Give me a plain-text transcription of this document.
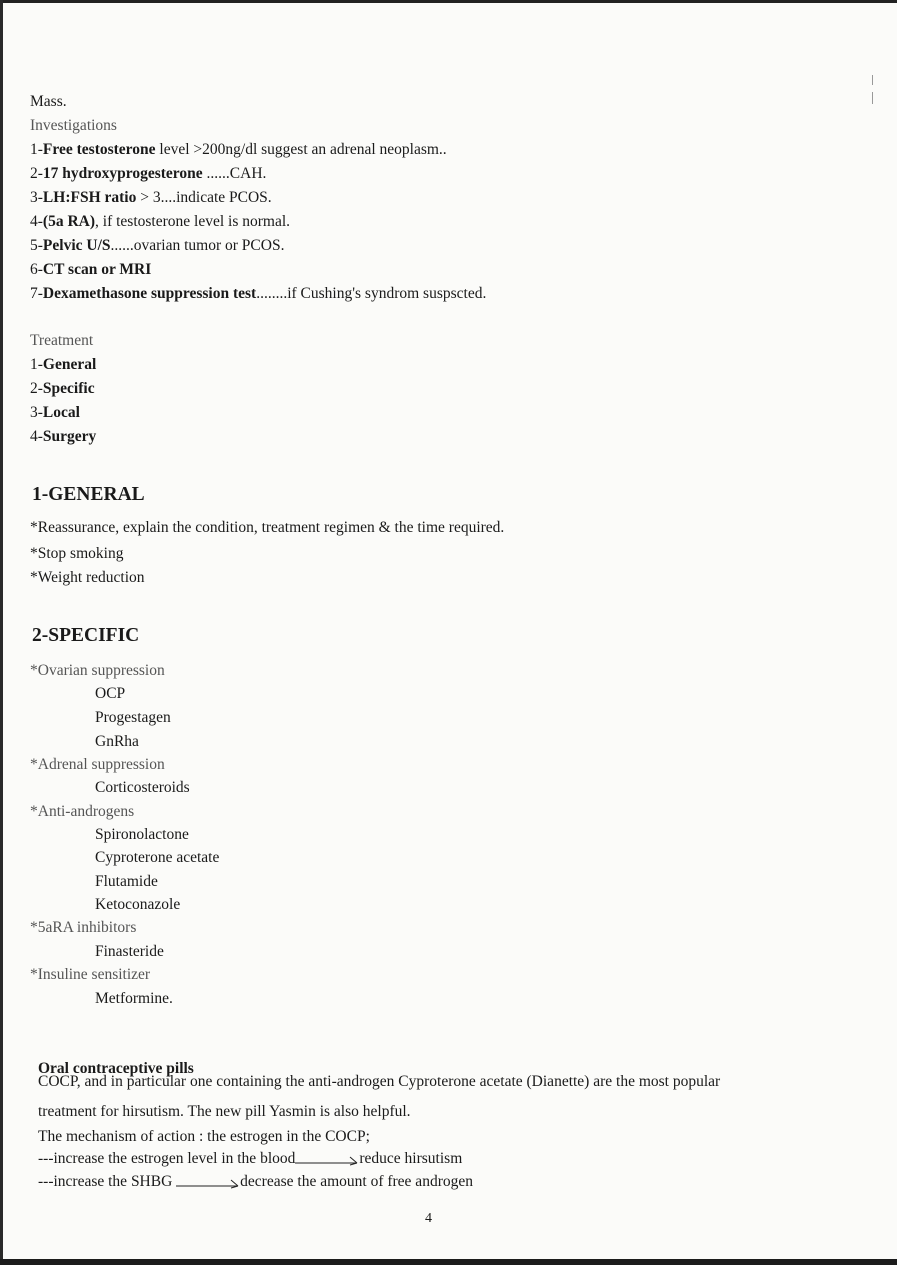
Mass.
Investigations
1-Free testosterone level >200ng/dl suggest an adrenal neoplasm..
2-17 hydroxyprogesterone ......CAH.
3-LH:FSH ratio > 3....indicate PCOS.
4-(5a RA), if testosterone level is normal.
5-Pelvic U/S......ovarian tumor or PCOS.
6-CT scan or MRI
7-Dexamethasone suppression test........if Cushing's syndrom suspscted.
Treatment
1-General
2-Specific
3-Local
4-Surgery
1-GENERAL
*Reassurance, explain the condition, treatment regimen & the time required.
*Stop smoking
*Weight reduction
2-SPECIFIC
*Ovarian suppression
OCP
Progestagen
GnRha
*Adrenal suppression
Corticosteroids
*Anti-androgens
Spironolactone
Cyproterone acetate
Flutamide
Ketoconazole
*5aRA inhibitors
Finasteride
*Insuline sensitizer
Metformine.
Oral contraceptive pills
COCP, and in particular one containing the anti-androgen Cyproterone acetate (Dianette) are the most popular
treatment for hirsutism. The new pill Yasmin is also helpful.
The mechanism of action : the estrogen in the COCP;
---increase the estrogen level in the blood	reduce hirsutism
---increase the SHBG	decrease the amount of free androgen
4
